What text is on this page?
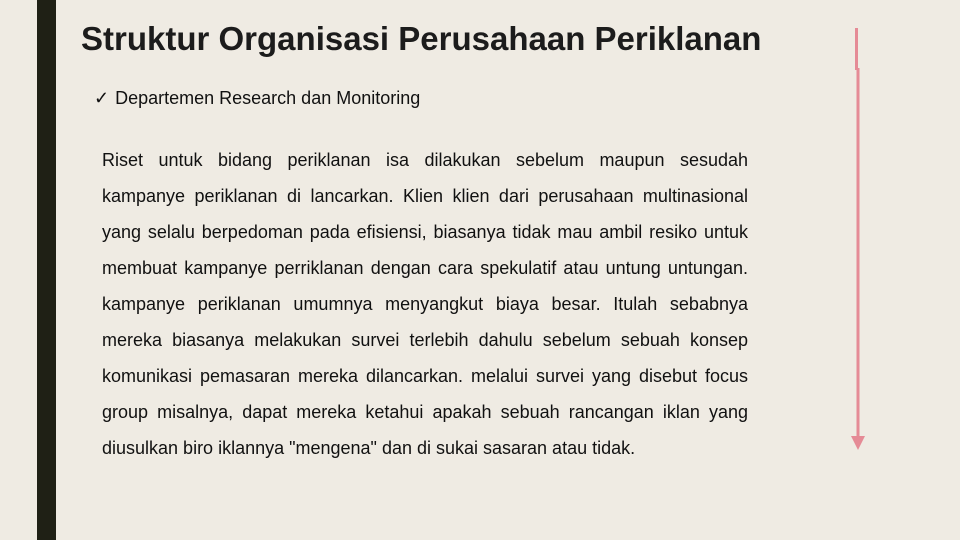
Struktur Organisasi Perusahaan Periklanan
✓ Departemen Research dan Monitoring
Riset untuk bidang periklanan isa dilakukan sebelum maupun sesudah kampanye periklanan di lancarkan. Klien klien dari perusahaan multinasional yang selalu berpedoman pada efisiensi, biasanya tidak mau ambil resiko untuk membuat kampanye perriklanan dengan cara spekulatif atau untung untungan. kampanye periklanan umumnya menyangkut biaya besar. Itulah sebabnya mereka biasanya melakukan survei terlebih dahulu sebelum sebuah konsep komunikasi pemasaran mereka dilancarkan. melalui survei yang disebut focus group misalnya, dapat mereka ketahui apakah sebuah rancangan iklan yang diusulkan biro iklannya "mengena" dan di sukai sasaran atau tidak.
